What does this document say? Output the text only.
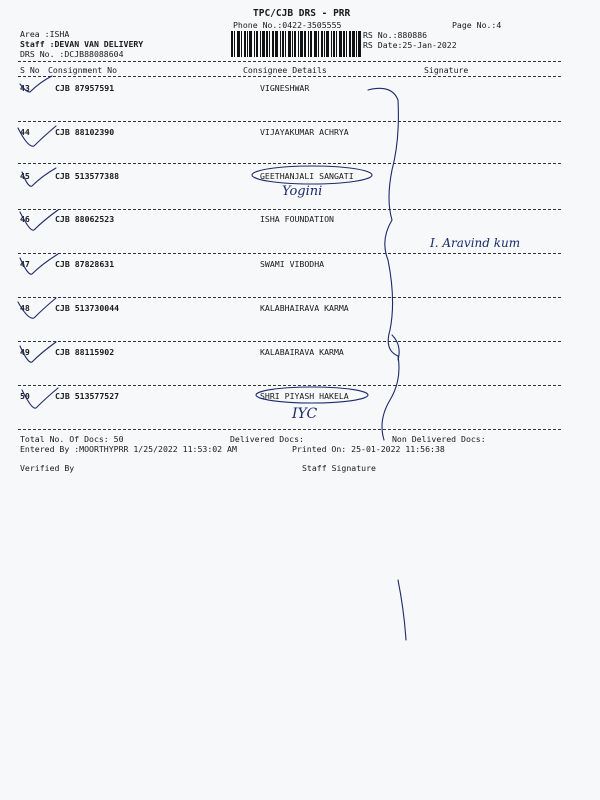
TPC/CJB DRS - PRR
Phone No.:0422-3505555	Page No.:4
Area :ISHA
Staff :DEVAN VAN DELIVERY
DRS No. :DCJB88088604
RS No.:880886
RS Date:25-Jan-2022
S No Consignment No	Consignee Details	Signature
43	CJB 87957591	VIGNESHWAR
44	CJB 88102390	VIJAYAKUMAR ACHRYA
45	CJB 513577388	GEETHANJALI SANGATI
46	CJB 88062523	ISHA FOUNDATION
47	CJB 87828631	SWAMI VIBODHA
48	CJB 513730044	KALABHAIRAVA KARMA
49	CJB 88115902	KALABAIRAVA KARMA
50	CJB 513577527	SHRI PIYASH HAKELA
Yogini
I. Aravind kum
IYC
Total No. Of Docs: 50	Delivered Docs:	Non Delivered Docs:
Entered By :MOORTHYPRR 1/25/2022 11:53:02 AM	Printed On: 25-01-2022 11:56:38
Verified By	Staff Signature
